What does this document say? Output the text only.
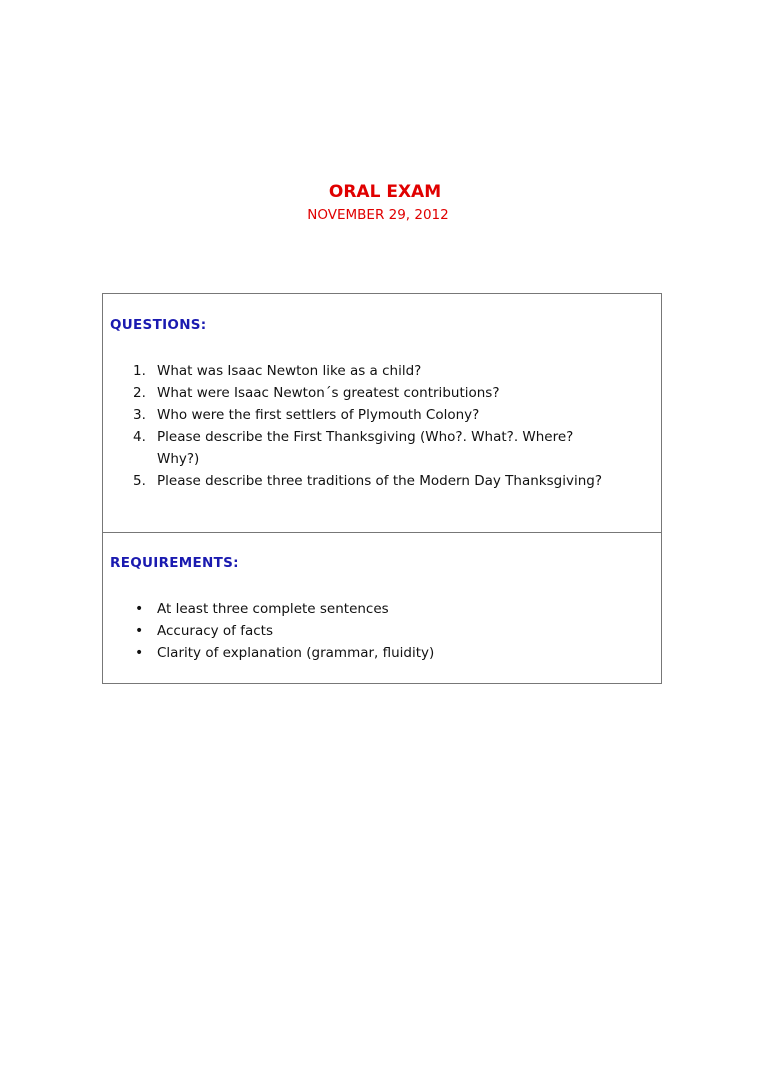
ORAL EXAM
NOVEMBER 29, 2012
QUESTIONS:
1. What was Isaac Newton like as a child?
2. What were Isaac Newton´s greatest contributions?
3. Who were the first settlers of Plymouth Colony?
4. Please describe the First Thanksgiving (Who?. What?. Where? Why?)
5. Please describe three traditions of the Modern Day Thanksgiving?
REQUIREMENTS:
• At least three complete sentences
• Accuracy of facts
• Clarity of explanation (grammar, fluidity)
